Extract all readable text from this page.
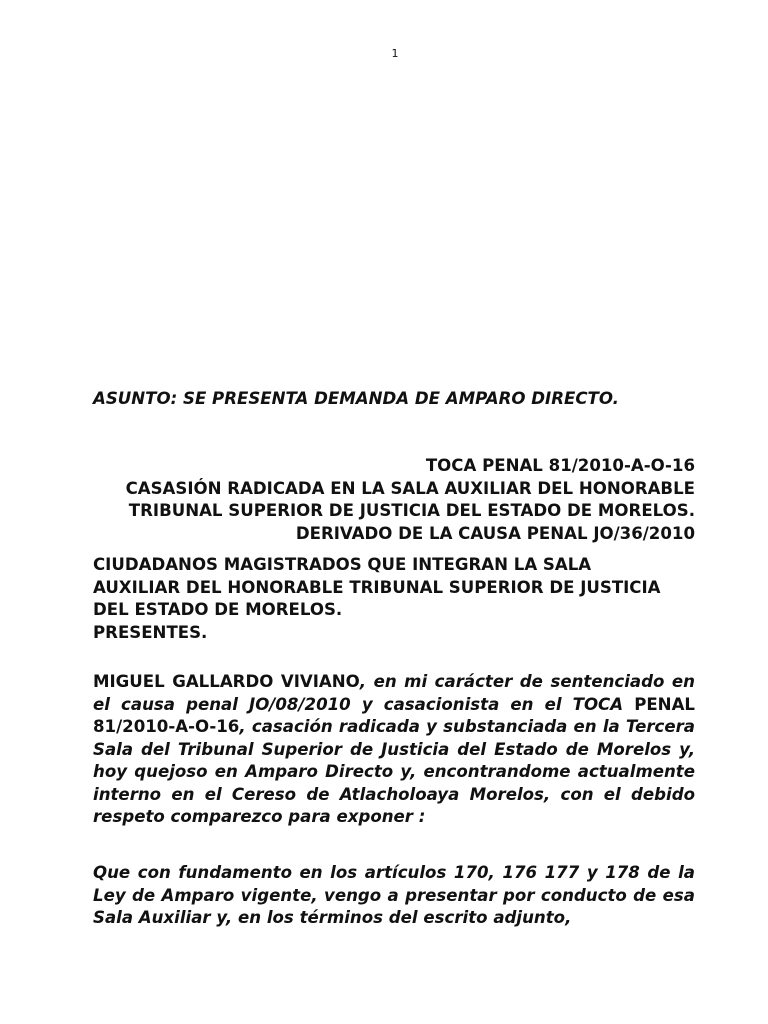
1
ASUNTO: SE PRESENTA DEMANDA DE AMPARO DIRECTO.
TOCA PENAL 81/2010-A-O-16
CASASIÓN RADICADA EN LA SALA AUXILIAR DEL HONORABLE
TRIBUNAL SUPERIOR DE JUSTICIA DEL ESTADO DE MORELOS.
DERIVADO DE LA CAUSA PENAL JO/36/2010
CIUDADANOS MAGISTRADOS QUE INTEGRAN LA SALA
AUXILIAR DEL HONORABLE TRIBUNAL SUPERIOR DE JUSTICIA
DEL ESTADO DE MORELOS.
PRESENTES.
MIGUEL GALLARDO VIVIANO, en mi carácter de sentenciado en el causa penal JO/08/2010 y casacionista en el TOCA PENAL 81/2010-A-O-16, casación radicada y substanciada en la Tercera Sala del Tribunal Superior de Justicia del Estado de Morelos y, hoy quejoso en Amparo Directo y, encontrandome actualmente interno en el Cereso de Atlacholoaya Morelos, con el debido respeto comparezco para exponer :
Que con fundamento en los artículos 170, 176 177 y 178 de la Ley de Amparo vigente, vengo a presentar por conducto de esa Sala Auxiliar y, en los términos del escrito adjunto,
